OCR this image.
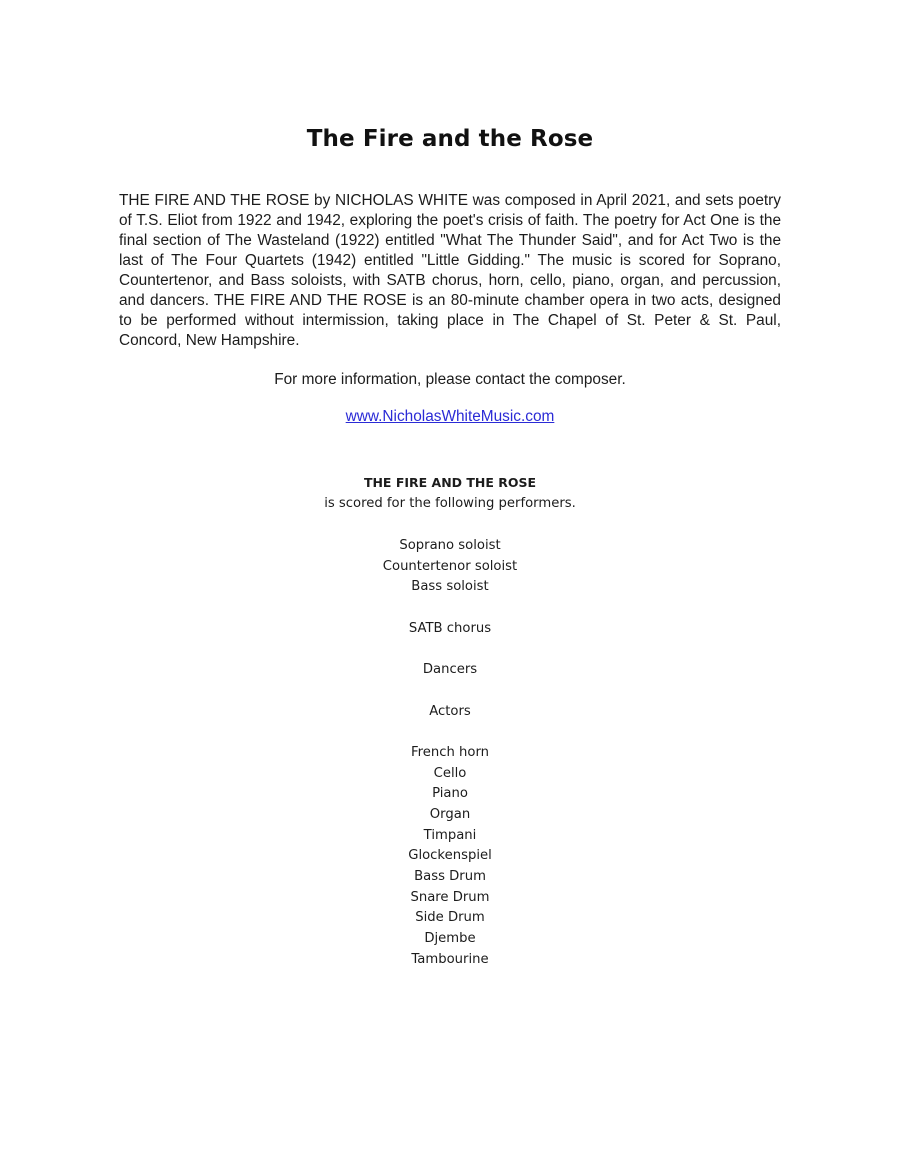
The Fire and the Rose
THE FIRE AND THE ROSE by NICHOLAS WHITE was composed in April 2021, and sets poetry of T.S. Eliot from 1922 and 1942, exploring the poet's crisis of faith. The poetry for Act One is the final section of The Wasteland (1922) entitled "What The Thunder Said", and for Act Two is the last of The Four Quartets (1942) entitled "Little Gidding." The music is scored for Soprano, Countertenor, and Bass soloists, with SATB chorus, horn, cello, piano, organ, and percussion, and dancers. THE FIRE AND THE ROSE is an 80-minute chamber opera in two acts, designed to be performed without intermission, taking place in The Chapel of St. Peter & St. Paul, Concord, New Hampshire.
For more information, please contact the composer.
www.NicholasWhiteMusic.com
THE FIRE AND THE ROSE
is scored for the following performers.
Soprano soloist
Countertenor soloist
Bass soloist
SATB chorus
Dancers
Actors
French horn
Cello
Piano
Organ
Timpani
Glockenspiel
Bass Drum
Snare Drum
Side Drum
Djembe
Tambourine
